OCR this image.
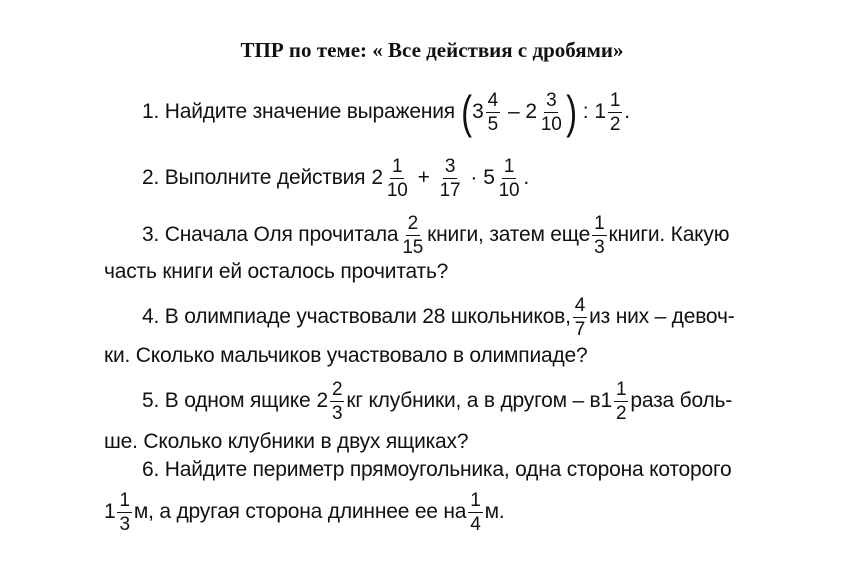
ТПР по теме: « Все действия с дробями»
1. Найдите значение выражения ( $3 \frac{4}{5} - 2 \frac{3}{10}$ ) : $1 \frac{1}{2}$ .
2. Выполните действия $2 \frac{1}{10} + \frac{3}{17} \cdot 5 \frac{1}{10}$ .
3. Сначала Оля прочитала $\frac{2}{15}$ книги, затем еще $\frac{1}{3}$ книги. Какую
часть книги ей осталось прочитать?
4. В олимпиаде участвовали 28 школьников, $\frac{4}{7}$ из них – девоч-
ки. Сколько мальчиков участвовало в олимпиаде?
5. В одном ящике $2 \frac{2}{3}$ кг клубники, а в другом – в $1 \frac{1}{2}$ раза боль-
ше. Сколько клубники в двух ящиках?
6. Найдите периметр прямоугольника, одна сторона которого
$1 \frac{1}{3} м$, а другая сторона длиннее ее на $\frac{1}{4} м$.
